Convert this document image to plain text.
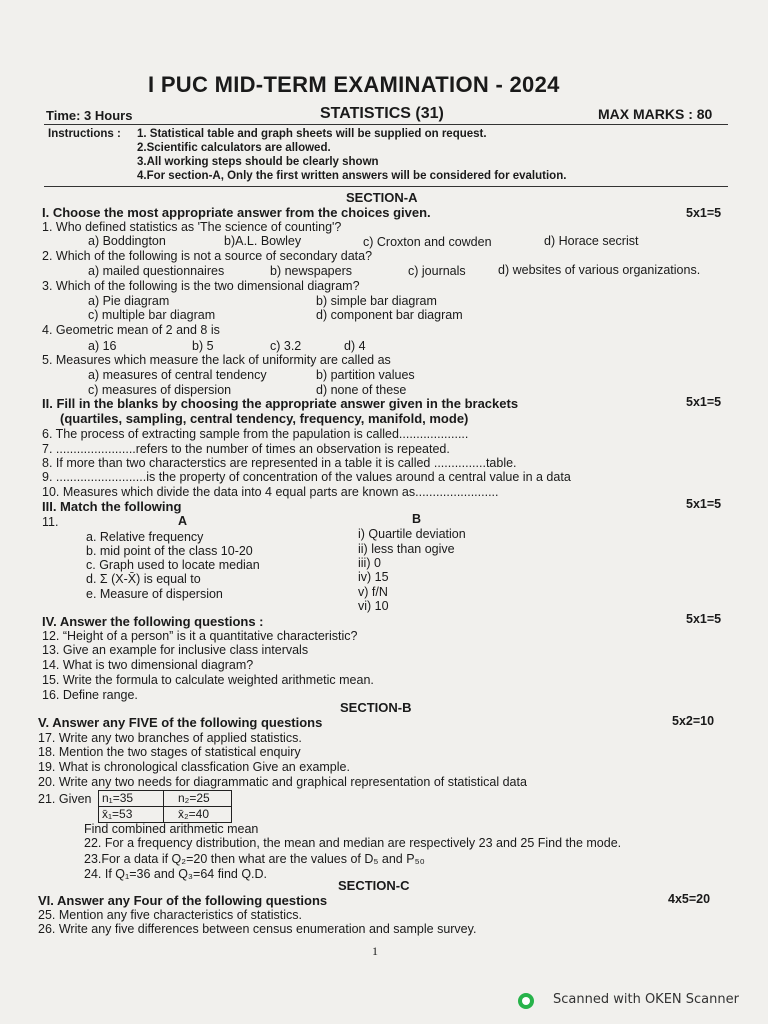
I PUC MID-TERM EXAMINATION - 2024
Time: 3 Hours	STATISTICS (31)	MAX MARKS : 80
Instructions : 1. Statistical table and graph sheets will be supplied on request.
2.Scientific calculators are allowed.
3.All working steps should be clearly shown
4.For section-A, Only the first written answers will be considered for evalution.
SECTION-A
I. Choose the most appropriate answer from the choices given.	5x1=5
1. Who defined statistics as 'The science of counting'?
a) Boddington	b)A.L. Bowley	c) Croxton and cowden	d) Horace secrist
2. Which of the following is not a source of secondary data?
a) mailed questionnaires	b) newspapers	c) journals	d) websites of various organizations.
3. Which of the following is the two dimensional diagram?
a) Pie diagram	b) simple bar diagram
c) multiple bar diagram	d) component bar diagram
4. Geometric mean of 2 and 8 is
a) 16	b) 5	c) 3.2	d) 4
5. Measures which measure the lack of uniformity are called as
a) measures of central tendency	b) partition values
c) measures of dispersion	d) none of these
II. Fill in the blanks by choosing the appropriate answer given in the brackets	5x1=5
(quartiles, sampling, central tendency, frequency, manifold, mode)
6. The process of extracting sample from the papulation is called....................
7. .......................refers to the number of times an observation is repeated.
8. If more than two characterstics are represented in a table it is called ...............table.
9. ..........................is the property of concentration of the values around a central value in a data
10. Measures which divide the data into 4 equal parts are known as........................
III. Match the following	5x1=5
11.	A	B
a. Relative frequency
b. mid point of the class 10-20
c. Graph used to locate median
d. Σ (X-X̄) is equal to
e. Measure of dispersion
i) Quartile deviation
ii) less than ogive
iii) 0
iv) 15
v) f/N
vi) 10
IV. Answer the following questions :	5x1=5
12. “Height of a person” is it a quantitative characteristic?
13. Give an example for inclusive class intervals
14. What is two dimensional diagram?
15. Write the formula to calculate weighted arithmetic mean.
16. Define range.
SECTION-B
V. Answer any FIVE of the following questions	5x2=10
17. Write any two branches of applied statistics.
18. Mention the two stages of statistical enquiry
19. What is chronological classfication Give an example.
20. Write any two needs for diagrammatic and graphical representation of statistical data
21. Given n₁=35	n₂=25
x̄₁=53	x̄₂=40
Find combined arithmetic mean
22. For a frequency distribution, the mean and median are respectively 23 and 25 Find the mode.
23.For a data if Q₂=20 then what are the values of D₅ and P₅₀
24. If Q₁=36 and Q₃=64 find Q.D.
SECTION-C
VI. Answer any Four of the following questions	4x5=20
25. Mention any five characteristics of statistics.
26. Write any five differences between census enumeration and sample survey.
1
Scanned with OKEN Scanner
